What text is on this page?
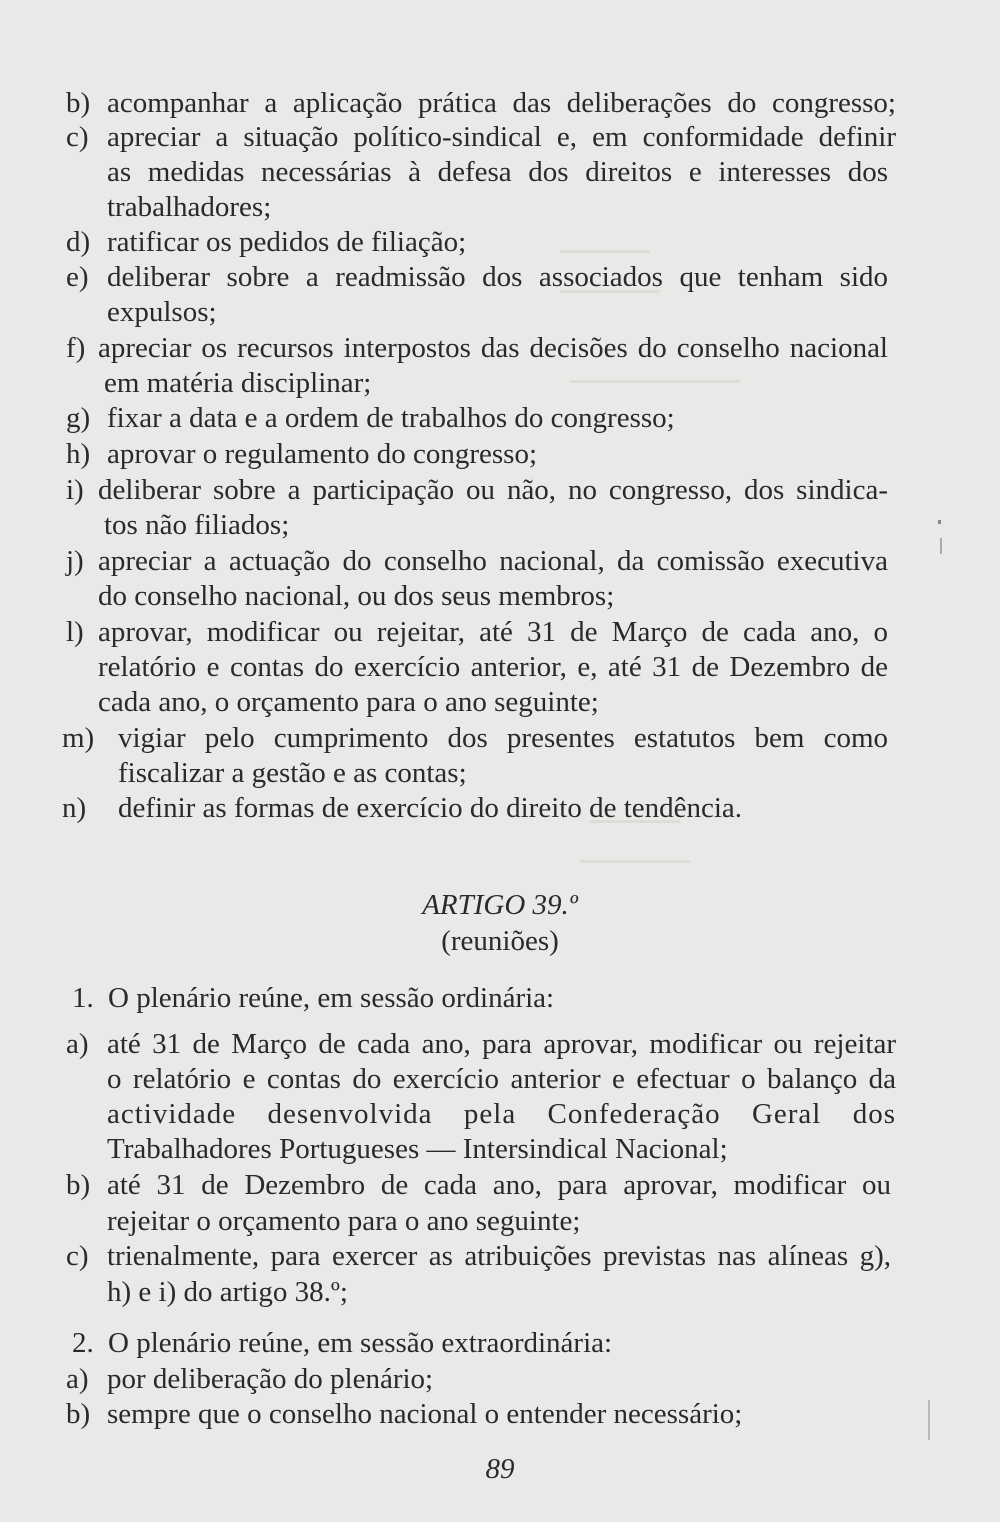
b) acompanhar a aplicação prática das deliberações do congresso;
c) apreciar a situação político-sindical e, em conformidade definir
as medidas necessárias à defesa dos direitos e interesses dos
trabalhadores;
d) ratificar os pedidos de filiação;
e) deliberar sobre a readmissão dos associados que tenham sido
expulsos;
f) apreciar os recursos interpostos das decisões do conselho nacional
em matéria disciplinar;
g) fixar a data e a ordem de trabalhos do congresso;
h) aprovar o regulamento do congresso;
i) deliberar sobre a participação ou não, no congresso, dos sindica-
tos não filiados;
j) apreciar a actuação do conselho nacional, da comissão executiva
do conselho nacional, ou dos seus membros;
l) aprovar, modificar ou rejeitar, até 31 de Março de cada ano, o
relatório e contas do exercício anterior, e, até 31 de Dezembro de
cada ano, o orçamento para o ano seguinte;
m) vigiar pelo cumprimento dos presentes estatutos bem como
fiscalizar a gestão e as contas;
n) definir as formas de exercício do direito de tendência.
ARTIGO 39.º
(reuniões)
1. O plenário reúne, em sessão ordinária:
a) até 31 de Março de cada ano, para aprovar, modificar ou rejeitar
o relatório e contas do exercício anterior e efectuar o balanço da
actividade desenvolvida pela Confederação Geral dos
Trabalhadores Portugueses — Intersindical Nacional;
b) até 31 de Dezembro de cada ano, para aprovar, modificar ou
rejeitar o orçamento para o ano seguinte;
c) trienalmente, para exercer as atribuições previstas nas alíneas g),
h) e i) do artigo 38.º;
2. O plenário reúne, em sessão extraordinária:
a) por deliberação do plenário;
b) sempre que o conselho nacional o entender necessário;
89
